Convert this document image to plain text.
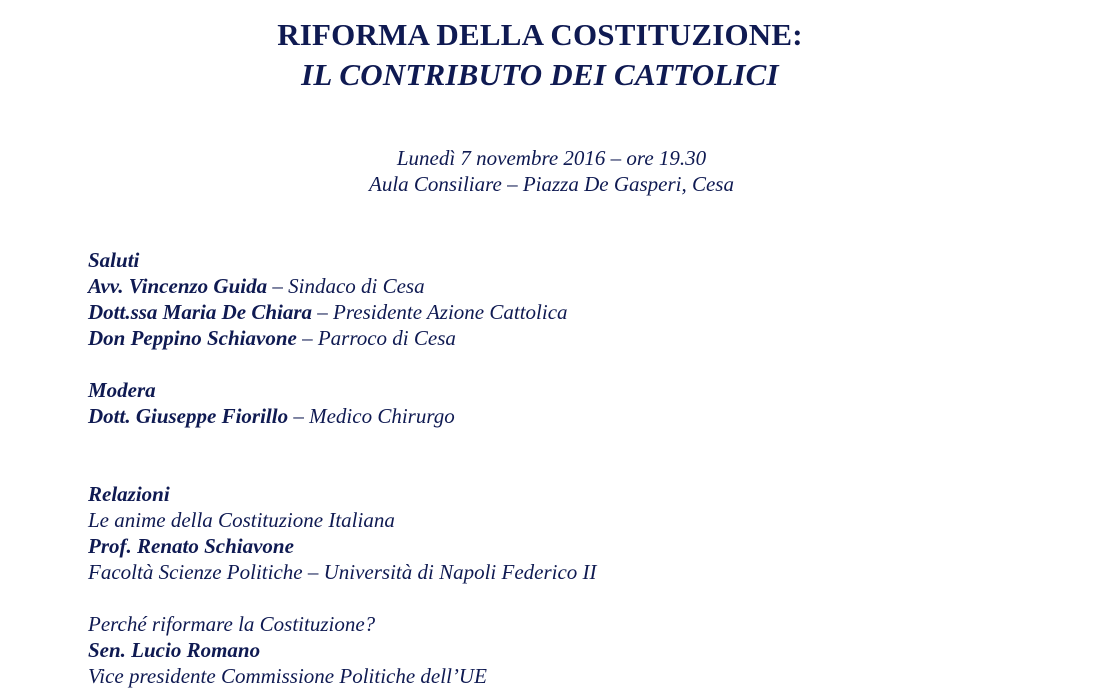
RIFORMA DELLA COSTITUZIONE:
IL CONTRIBUTO DEI CATTOLICI
Lunedì 7 novembre 2016 – ore 19.30
Aula Consiliare – Piazza De Gasperi, Cesa
Saluti
Avv. Vincenzo Guida – Sindaco di Cesa
Dott.ssa Maria De Chiara – Presidente Azione Cattolica
Don Peppino Schiavone – Parroco di Cesa
Modera
Dott. Giuseppe Fiorillo – Medico Chirurgo
Relazioni
Le anime della Costituzione Italiana
Prof. Renato Schiavone
Facoltà Scienze Politiche – Università di Napoli Federico II
Perché riformare la Costituzione?
Sen. Lucio Romano
Vice presidente Commissione Politiche dell’UE
